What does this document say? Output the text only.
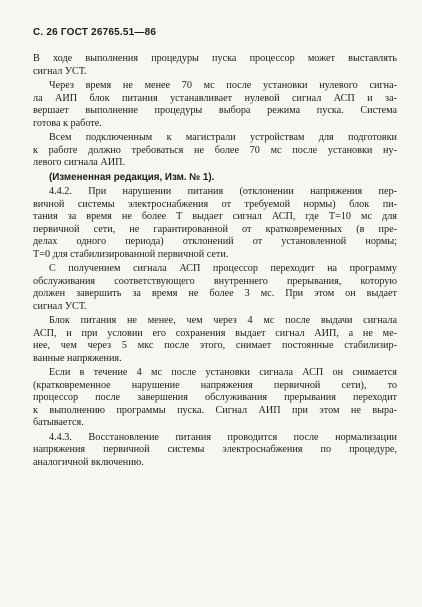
С. 26 ГОСТ 26765.51—86
В ходе выполнения процедуры пуска процессор может выставлять
сигнал УСТ.
Через время не менее 70 мс после установки нулевого сигна-
ла АИП блок питания устанавливает нулевой сигнал АСП и за-
вершает выполнение процедуры выбора режима пуска. Система
готова к работе.
Всем подключенным к магистрали устройствам для подготовки
к работе должно требоваться не более 70 мс после установки ну-
левого сигнала АИП.
(Измененная редакция, Изм. № 1).
4.4.2. При нарушении питания (отклонении напряжения пер-
вичной системы электроснабжения от требуемой нормы) блок пи-
тания за время не более T выдает сигнал АСП, где T=10 мс для
первичной сети, не гарантированной от кратковременных (в пре-
делах одного периода) отклонений от установленной нормы;
T=0 для стабилизированной первичной сети.
С получением сигнала АСП процессор переходит на программу
обслуживания соответствующего внутреннего прерывания, которую
должен завершить за время не более 3 мс. При этом он выдает
сигнал УСТ.
Блок питания не менее, чем через 4 мс после выдачи сигнала
АСП, и при условии его сохранения выдает сигнал АИП, а не ме-
нее, чем через 5 мкс после этого, снимает постоянные стабилизир-
ванные напряжения.
Если в течение 4 мс после установки сигнала АСП он снимается
(кратковременное нарушение напряжения первичной сети), то
процессор после завершения обслуживания прерывания переходит
к выполнению программы пуска. Сигнал АИП при этом не выра-
батывается.
4.4.3. Восстановление питания проводится после нормализации
напряжения первичной системы электроснабжения по процедуре,
аналогичной включению.
